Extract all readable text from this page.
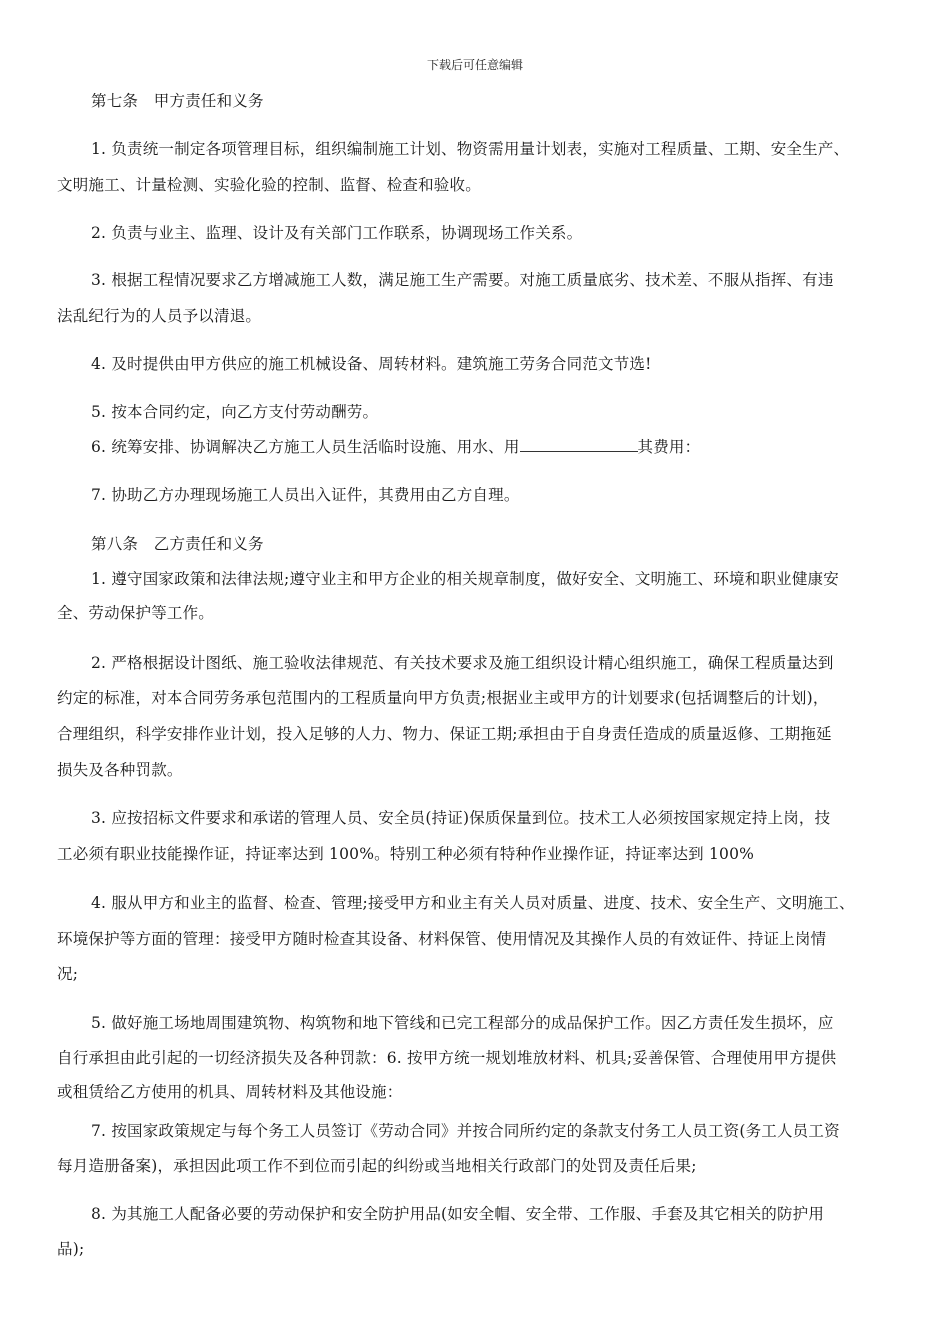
下载后可任意编辑
第七条　甲方责任和义务
1. 负责统一制定各项管理目标，组织编制施工计划、物资需用量计划表，实施对工程质量、工期、安全生产、
文明施工、计量检测、实验化验的控制、监督、检查和验收。
2. 负责与业主、监理、设计及有关部门工作联系，协调现场工作关系。
3. 根据工程情况要求乙方增减施工人数，满足施工生产需要。对施工质量底劣、技术差、不服从指挥、有违
法乱纪行为的人员予以清退。
4. 及时提供由甲方供应的施工机械设备、周转材料。建筑施工劳务合同范文节选!
5. 按本合同约定，向乙方支付劳动酬劳。
6. 统筹安排、协调解决乙方施工人员生活临时设施、用水、用	其费用：
7. 协助乙方办理现场施工人员出入证件，其费用由乙方自理。
第八条　乙方责任和义务
1. 遵守国家政策和法律法规;遵守业主和甲方企业的相关规章制度，做好安全、文明施工、环境和职业健康安
全、劳动保护等工作。
2. 严格根据设计图纸、施工验收法律规范、有关技术要求及施工组织设计精心组织施工，确保工程质量达到
约定的标准，对本合同劳务承包范围内的工程质量向甲方负责;根据业主或甲方的计划要求(包括调整后的计划)，
合理组织，科学安排作业计划，投入足够的人力、物力、保证工期;承担由于自身责任造成的质量返修、工期拖延
损失及各种罚款。
3. 应按招标文件要求和承诺的管理人员、安全员(持证)保质保量到位。技术工人必须按国家规定持上岗，技
工必须有职业技能操作证，持证率达到 100%。特别工种必须有特种作业操作证，持证率达到 100%
4. 服从甲方和业主的监督、检查、管理;接受甲方和业主有关人员对质量、进度、技术、安全生产、文明施工、
环境保护等方面的管理：接受甲方随时检查其设备、材料保管、使用情况及其操作人员的有效证件、持证上岗情
况;
5. 做好施工场地周围建筑物、构筑物和地下管线和已完工程部分的成品保护工作。因乙方责任发生损坏，应
自行承担由此引起的一切经济损失及各种罚款：6. 按甲方统一规划堆放材料、机具;妥善保管、合理使用甲方提供
或租赁给乙方使用的机具、周转材料及其他设施：
7. 按国家政策规定与每个务工人员签订《劳动合同》并按合同所约定的条款支付务工人员工资(务工人员工资
每月造册备案)，承担因此项工作不到位而引起的纠纷或当地相关行政部门的处罚及责任后果;
8. 为其施工人配备必要的劳动保护和安全防护用品(如安全帽、安全带、工作服、手套及其它相关的防护用
品);
